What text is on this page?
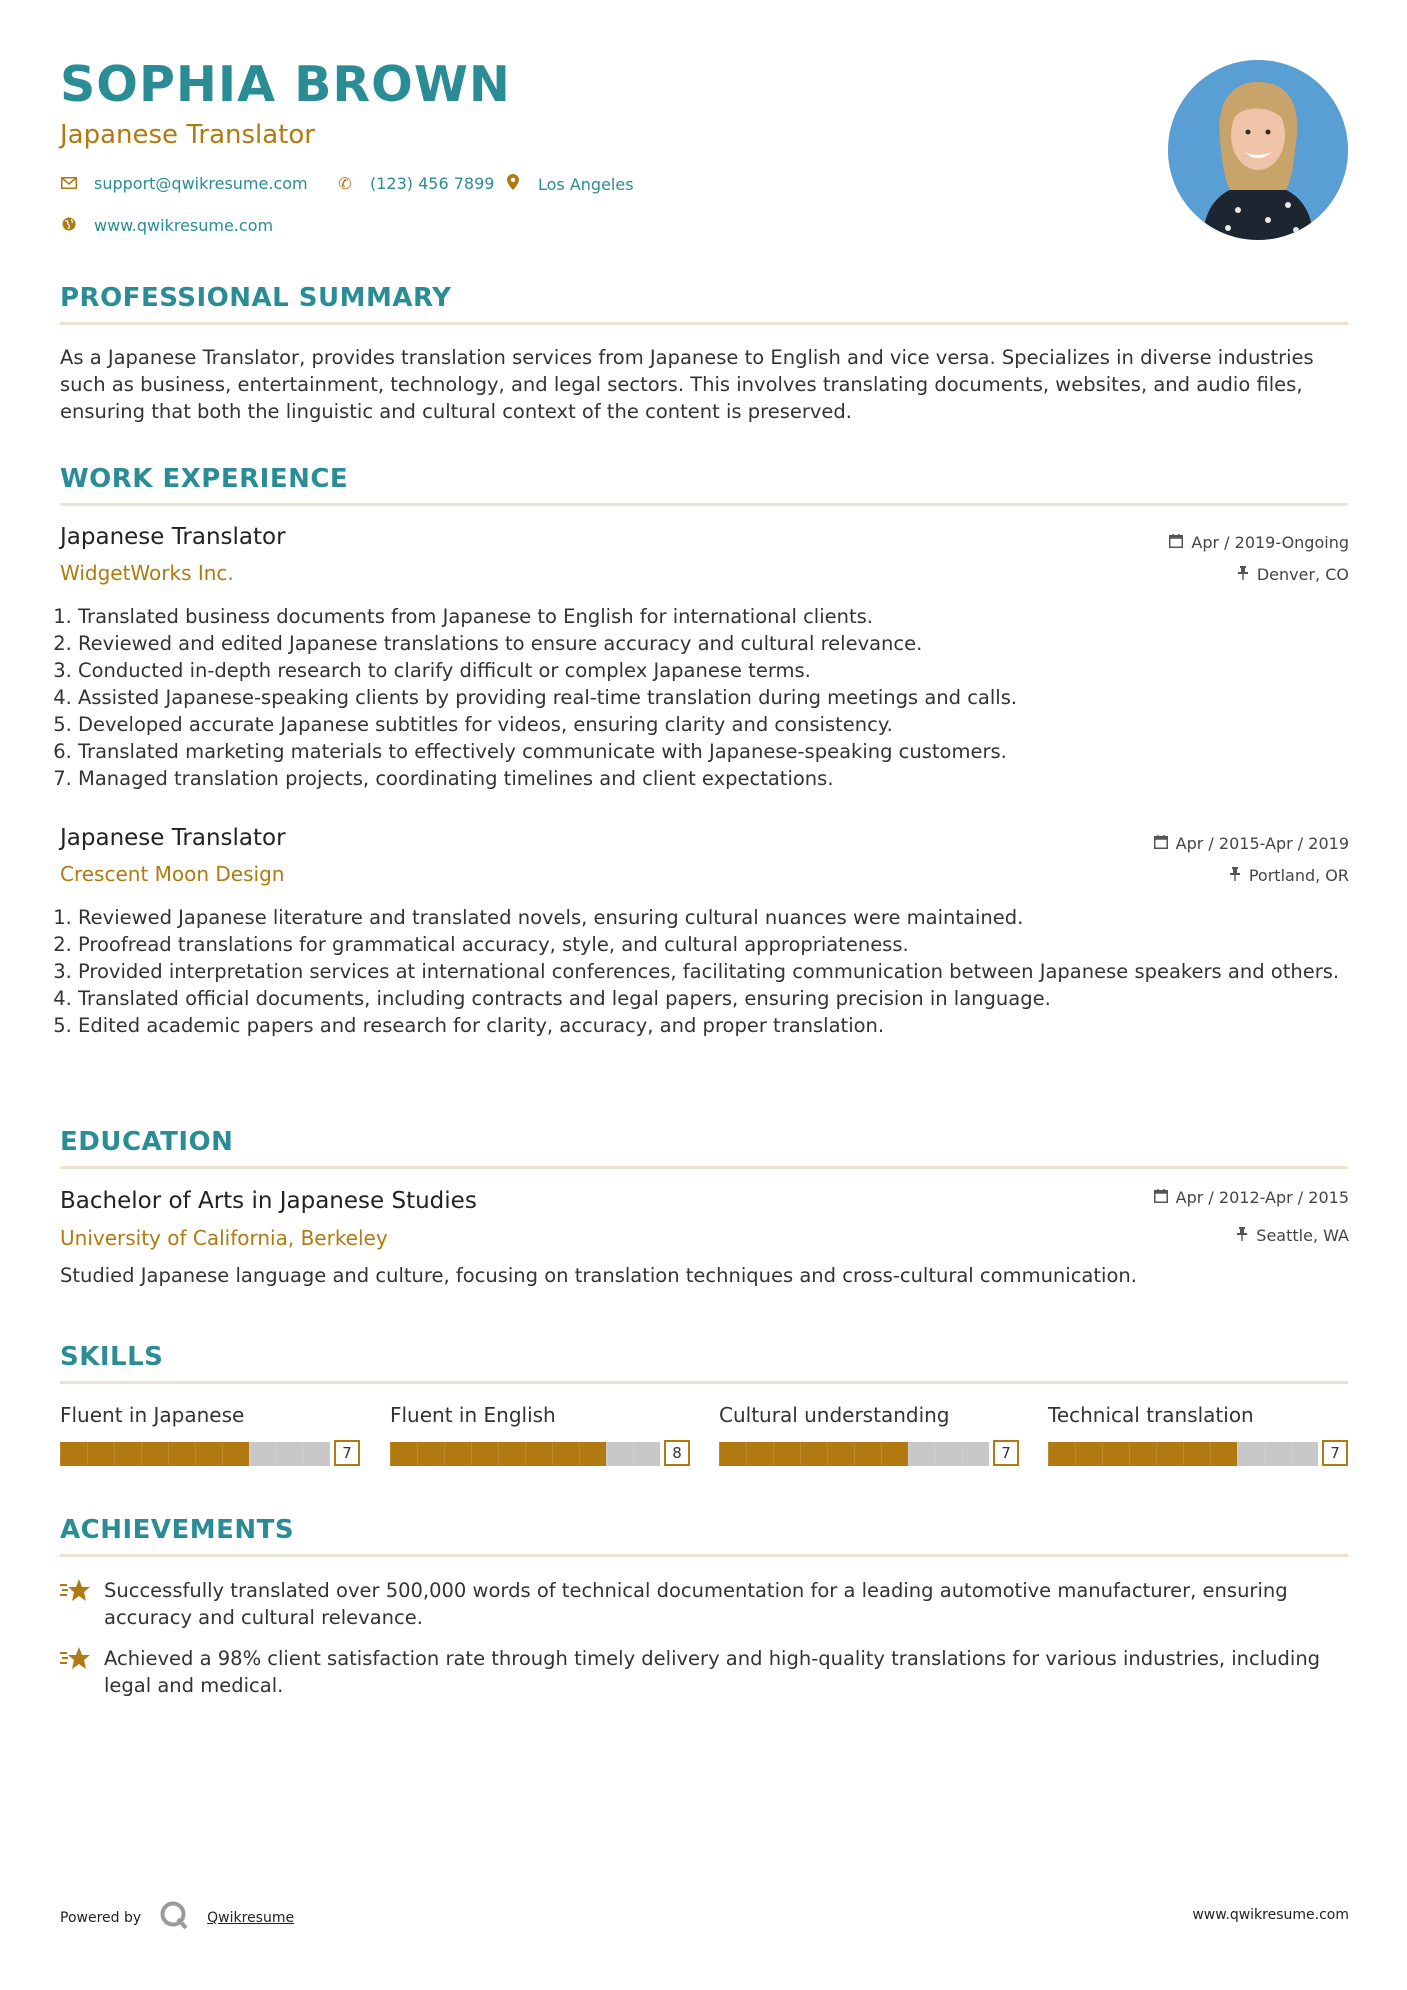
SOPHIA BROWN
Japanese Translator
support@qwikresume.com ✆ (123) 456 7899	Los Angeles
www.qwikresume.com
PROFESSIONAL SUMMARY
As a Japanese Translator, provides translation services from Japanese to English and vice versa. Specializes in diverse industries such as business, entertainment, technology, and legal sectors. This involves translating documents, websites, and audio files, ensuring that both the linguistic and cultural context of the content is preserved.
WORK EXPERIENCE
Japanese Translator
WidgetWorks Inc.
Apr / 2019-Ongoing
Denver, CO
1. Translated business documents from Japanese to English for international clients.
2. Reviewed and edited Japanese translations to ensure accuracy and cultural relevance.
3. Conducted in-depth research to clarify difficult or complex Japanese terms.
4. Assisted Japanese-speaking clients by providing real-time translation during meetings and calls.
5. Developed accurate Japanese subtitles for videos, ensuring clarity and consistency.
6. Translated marketing materials to effectively communicate with Japanese-speaking customers.
7. Managed translation projects, coordinating timelines and client expectations.
Japanese Translator
Crescent Moon Design
Apr / 2015-Apr / 2019
Portland, OR
1. Reviewed Japanese literature and translated novels, ensuring cultural nuances were maintained.
2. Proofread translations for grammatical accuracy, style, and cultural appropriateness.
3. Provided interpretation services at international conferences, facilitating communication between Japanese speakers and others.
4. Translated official documents, including contracts and legal papers, ensuring precision in language.
5. Edited academic papers and research for clarity, accuracy, and proper translation.
EDUCATION
Bachelor of Arts in Japanese Studies
University of California, Berkeley
Apr / 2012-Apr / 2015
Seattle, WA
Studied Japanese language and culture, focusing on translation techniques and cross-cultural communication.
SKILLS
Fluent in Japanese
7
Fluent in English
8
Cultural understanding
7
Technical translation
7
ACHIEVEMENTS
Successfully translated over 500,000 words of technical documentation for a leading automotive manufacturer, ensuring accuracy and cultural relevance.
Achieved a 98% client satisfaction rate through timely delivery and high-quality translations for various industries, including legal and medical.
Powered by	Qwikresume	www.qwikresume.com
